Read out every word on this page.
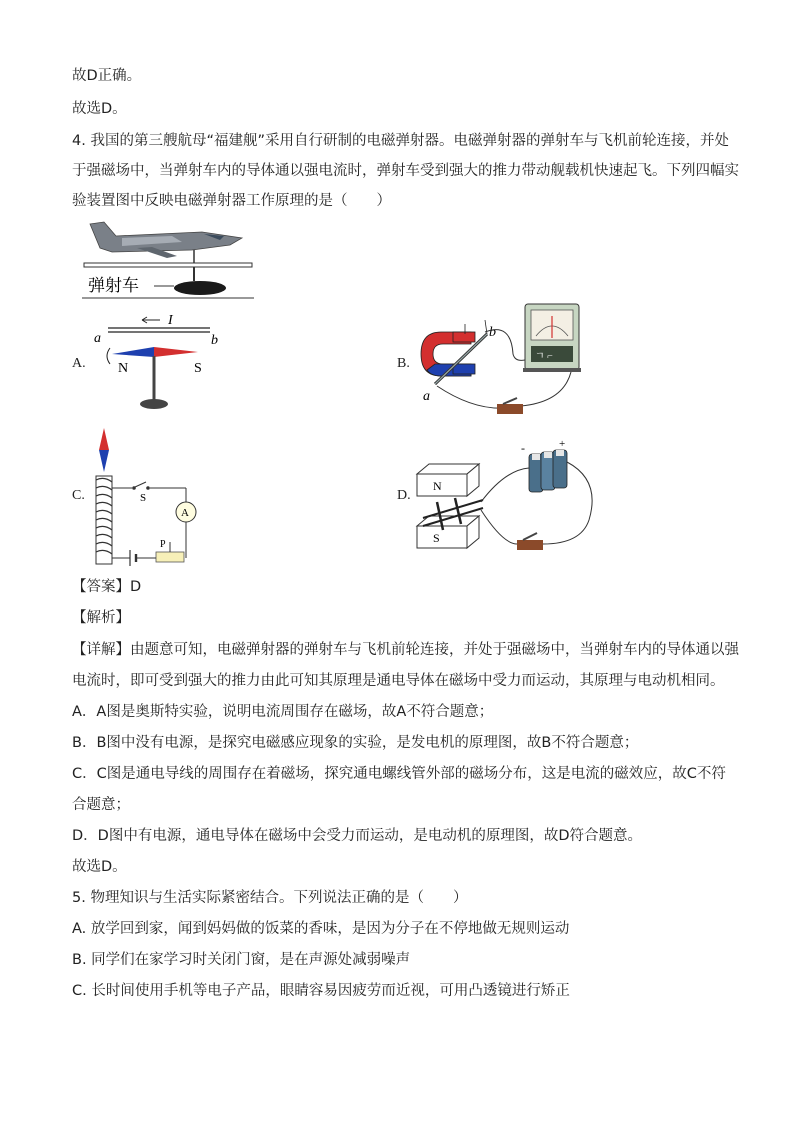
故D正确。
故选D。
4. 我国的第三艘航母“福建舰”采用自行研制的电磁弹射器。电磁弹射器的弹射车与飞机前轮连接，并处
于强磁场中，当弹射车内的导体通以强电流时，弹射车受到强大的推力带动舰载机快速起飞。下列四幅实
验装置图中反映电磁弹射器工作原理的是（　　）
弹射车
A.
I
a	b
N	S	B.
b
a
ㄱ ⌐
C.	S
A
P
D.
N
S
-	+
【答案】D
【解析】
【详解】由题意可知，电磁弹射器的弹射车与飞机前轮连接，并处于强磁场中，当弹射车内的导体通以强
电流时，即可受到强大的推力由此可知其原理是通电导体在磁场中受力而运动，其原理与电动机相同。
A．A图是奥斯特实验，说明电流周围存在磁场，故A不符合题意；
B．B图中没有电源，是探究电磁感应现象的实验，是发电机的原理图，故B不符合题意；
C．C图是通电导线的周围存在着磁场，探究通电螺线管外部的磁场分布，这是电流的磁效应，故C不符
合题意；
D．D图中有电源，通电导体在磁场中会受力而运动，是电动机的原理图，故D符合题意。
故选D。
5. 物理知识与生活实际紧密结合。下列说法正确的是（　　）
A. 放学回到家，闻到妈妈做的饭菜的香味，是因为分子在不停地做无规则运动
B. 同学们在家学习时关闭门窗，是在声源处减弱噪声
C. 长时间使用手机等电子产品，眼睛容易因疲劳而近视，可用凸透镜进行矫正
